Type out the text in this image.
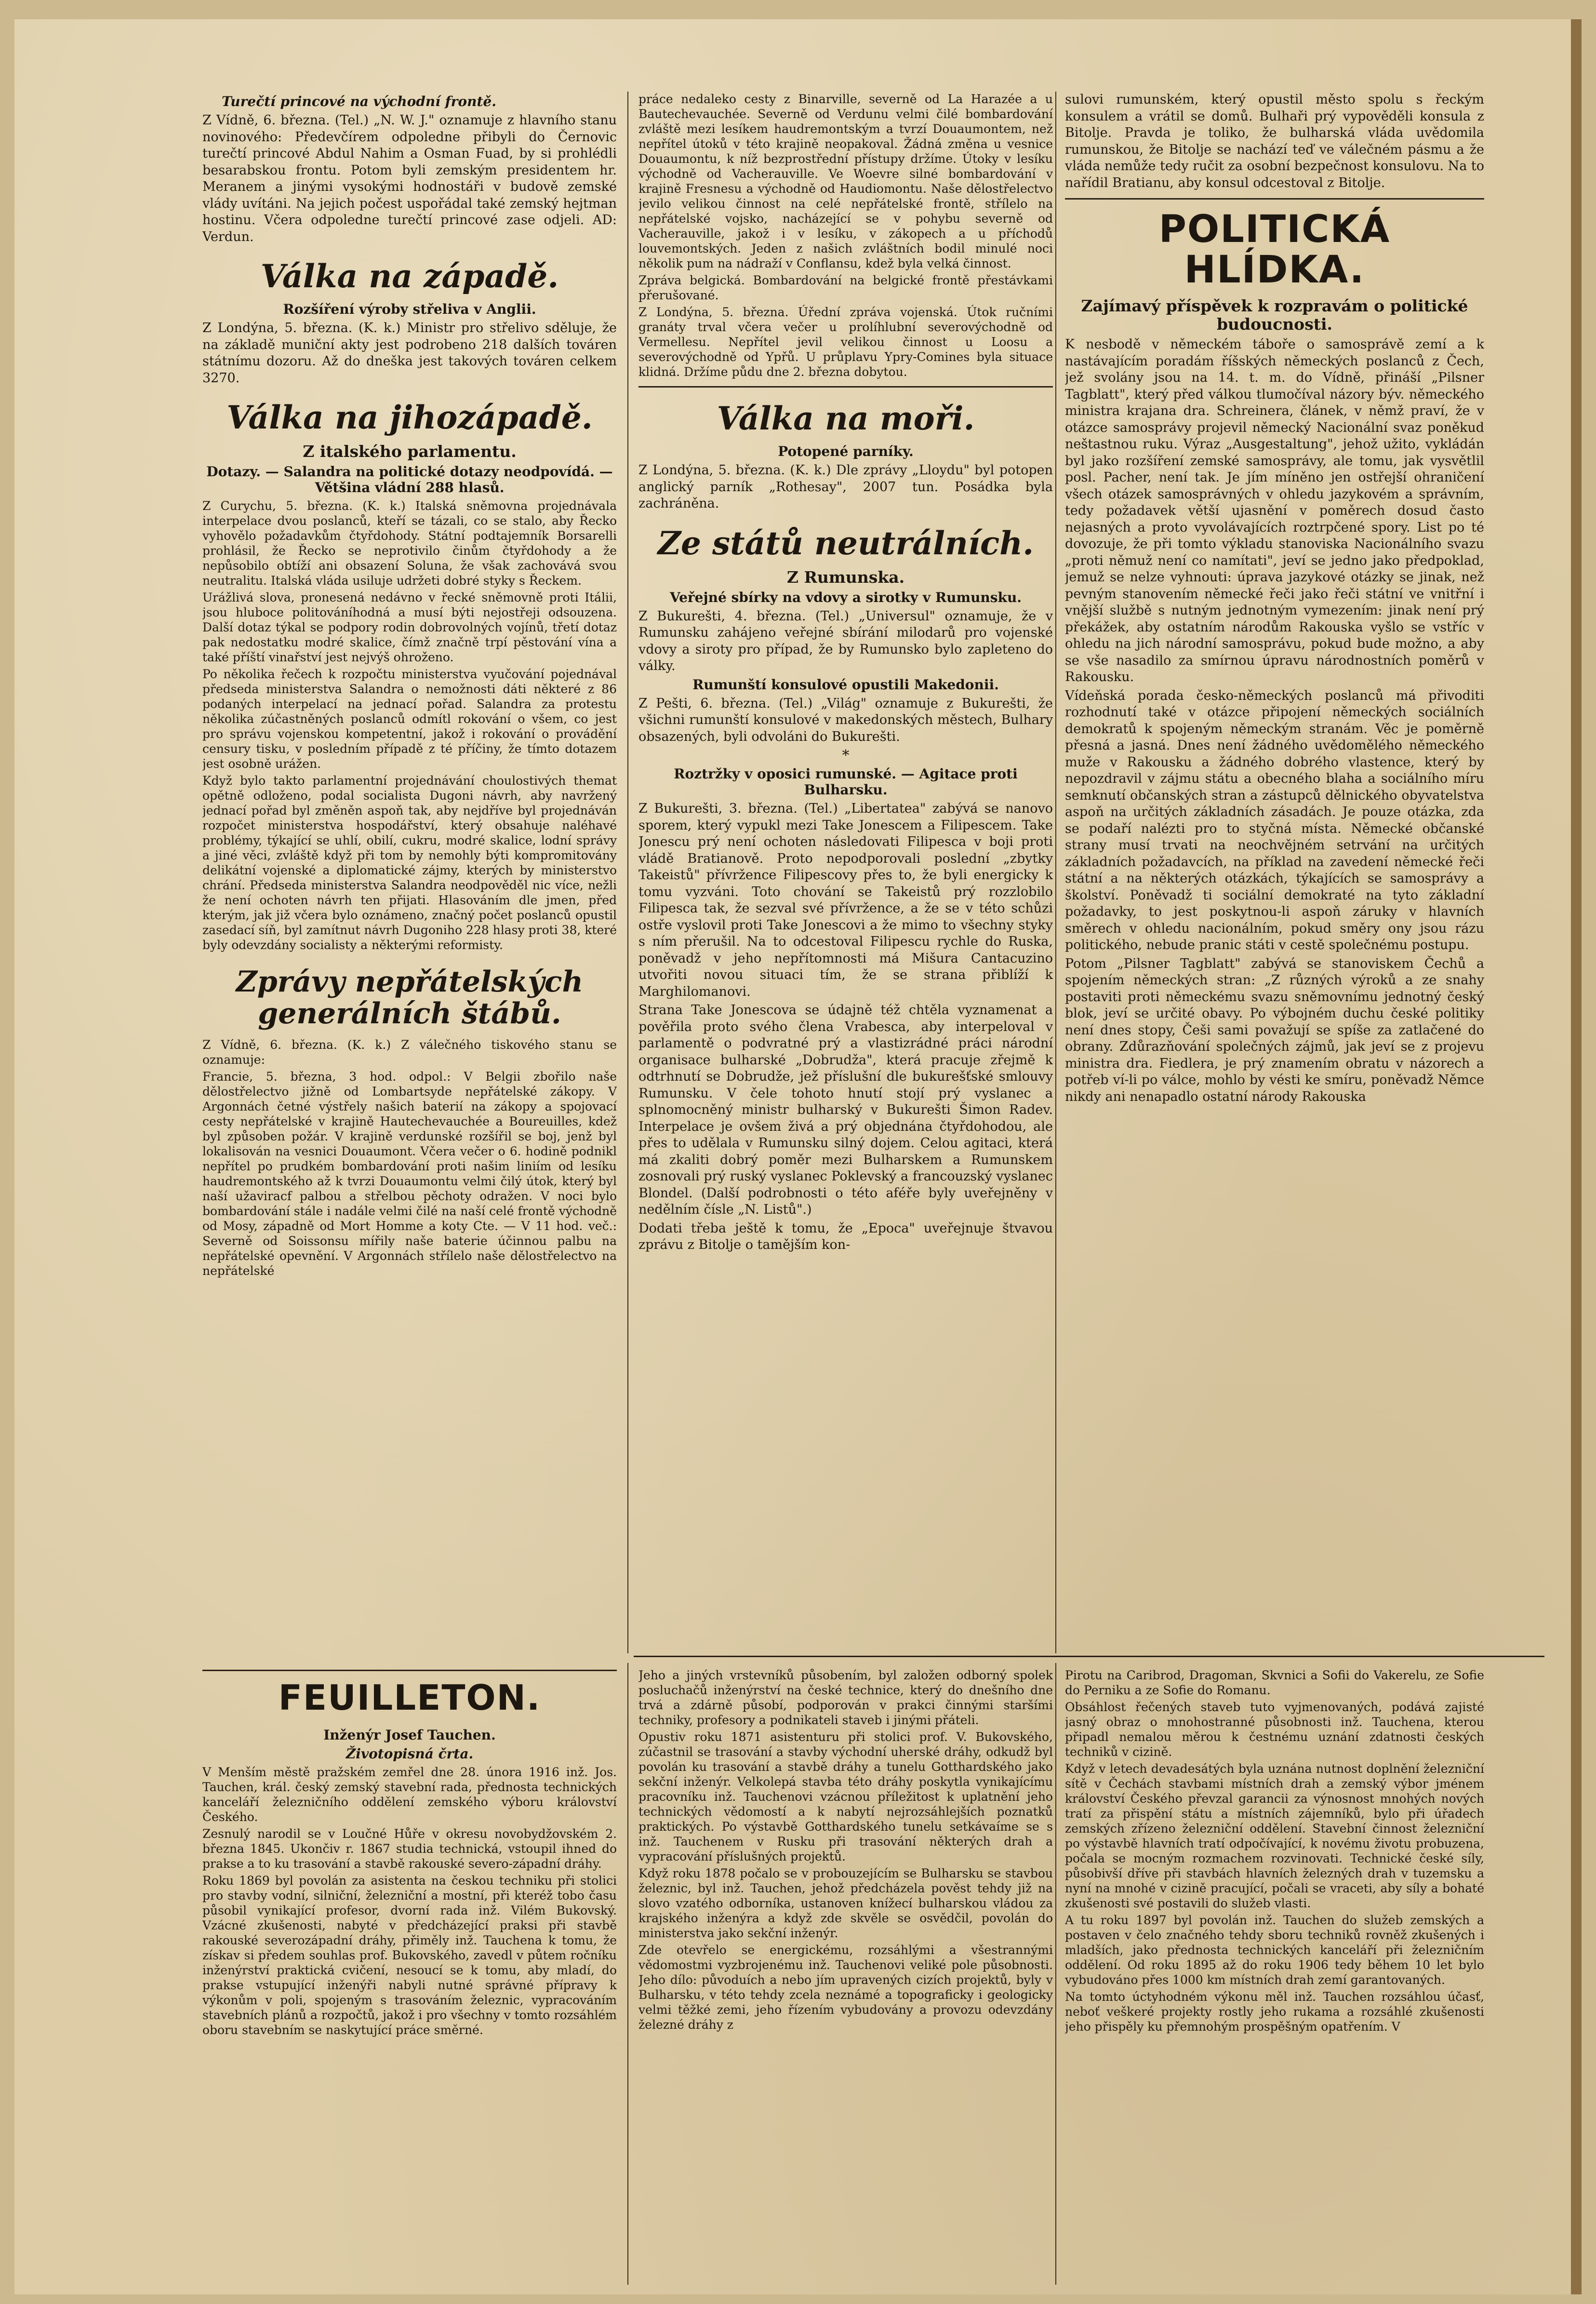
Turečtí princové na východní frontě.

Z Vídně, 6. března. (Tel.) „N. W. J." oznamuje z hlavního stanu novinového: Předevčírem odpoledne přibyli do Černovic turečtí princové Abdul Nahim a Osman Fuad, by si prohlédli besarabskou frontu. Potom byli zemským presidentem hr. Meranem a jinými vysokými hodnostáři v budově zemské vlády uvítáni. Na jejich počest uspořádal také zemský hejtman hostinu. Včera odpoledne turečtí princové zase odjeli. AD: Verdun.

Válka na západě.
Rozšíření výroby střeliva v Anglii.

Z Londýna, 5. března. (K. k.) Ministr pro střelivo sděluje, že na základě muniční akty jest podrobeno 218 dalších továren státnímu dozoru. Až do dneška jest takových továren celkem 3270.

Válka na jihozápadě.
Z italského parlamentu.
Dotazy. — Salandra na politické dotazy neodpovídá. — Většina vládní 288 hlasů.

Z Curychu, 5. března. (K. k.) Italská sněmovna projednávala interpelace dvou poslanců, kteří se tázali, co se stalo, aby Řecko vyhovělo požadavkům čtyřdohody. Státní podtajemník Borsarelli prohlásil, že Řecko se neprotivilo činům čtyřdohody a že nepůsobilo obtíží ani obsazení Soluna, že však zachovává svou neutralitu. Italská vláda usiluje udržeti dobré styky s Řeckem.

Urážlivá slova, pronesená nedávno v řecké sněmovně proti Itálii, jsou hluboce politováníhodná a musí býti nejostřeji odsouzena. Další dotaz týkal se podpory rodin dobrovolných vojínů, třetí dotaz pak nedostatku modré skalice, čímž značně trpí pěstování vína a také příští vinařství jest nejvýš ohroženo.

Po několika řečech k rozpočtu ministerstva vyučování pojednával předseda ministerstva Salandra o nemožnosti dáti některé z 86 podaných interpelací na jednací pořad. Salandra za protestu několika zúčastněných poslanců odmítl rokování o všem, co jest pro správu vojenskou kompetentní, jakož i rokování o provádění censury tisku, v posledním případě z té příčiny, že tímto dotazem jest osobně urážen.

Když bylo takto parlamentní projednávání choulostivých themat opětně odloženo, podal socialista Dugoni návrh, aby navržený jednací pořad byl změněn aspoň tak, aby nejdříve byl projednáván rozpočet ministerstva hospodářství, který obsahuje naléhavé problémy, týkající se uhlí, obilí, cukru, modré skalice, lodní správy a jiné věci, zvláště když při tom by nemohly býti kompromitovány delikátní vojenské a diplomatické zájmy, kterých by ministerstvo chrání. Předseda ministerstva Salandra neodpověděl nic více, nežli že není ochoten návrh ten přijati. Hlasováním dle jmen, před kterým, jak již včera bylo oznámeno, značný počet poslanců opustil zasedací síň, byl zamítnut návrh Dugoniho 228 hlasy proti 38, které byly odevzdány socialisty a některými reformisty.

Zprávy nepřátelských generálních štábů.

Z Vídně, 6. března. (K. k.) Z válečného tiskového stanu se oznamuje:

Francie, 5. března, 3 hod. odpol.: V Belgii zbořilo naše dělostřelectvo jižně od Lombartsyde nepřátelské zákopy. V Argonnách četné výstřely našich baterií na zákopy a spojovací cesty nepřátelské v krajině Hautechevauchée a Boureuilles, kdež byl způsoben požár. V krajině verdunské rozšířil se boj, jenž byl lokalisován na vesnici Douaumont. Včera večer o 6. hodině podnikl nepřítel po prudkém bombardování proti našim liniím od lesíku haudremontského až k tvrzi Douaumontu velmi čilý útok, který byl naší užaviracf palbou a střelbou pěchoty odražen. V noci bylo bombardování stále i nadále velmi čilé na naší celé frontě východně od Mosy, západně od Mort Homme a koty Cte. — V 11 hod. več.: Severně od Soissonsu mířily naše baterie účinnou palbu na nepřátelské opevnění. V Argonnách střílelo naše dělostřelectvo na nepřátelské

práce nedaleko cesty z Binarville, severně od La Harazée a u Bautechevauchée. Severně od Verdunu velmi čilé bombardování zvláště mezi lesíkem haudremontským a tvrzí Douaumontem, než nepřítel útoků v této krajině neopakoval. Žádná změna u vesnice Douaumontu, k níž bezprostřední přístupy držíme. Útoky v lesíku východně od Vacherauville. Ve Woevre silné bombardování v krajině Fresnesu a východně od Haudiomontu. Naše dělostřelectvo jevilo velikou činnost na celé nepřátelské frontě, střílelo na nepřátelské vojsko, nacházející se v pohybu severně od Vacherauville, jakož i v lesíku, v zákopech a u příchodů louvemontských. Jeden z našich zvláštních bodil minulé noci několik pum na nádraží v Conflansu, kdež byla velká činnost.

Zpráva belgická. Bombardování na belgické frontě přestávkami přerušované.

Z Londýna, 5. března. Úřední zpráva vojenská. Útok ručními granáty trval včera večer u prolíhlubní severovýchodně od Vermellesu. Nepřítel jevil velikou činnost u Loosu a severovýchodně od Ypřů. U průplavu Ypry-Comines byla situace klidná. Držíme půdu dne 2. března dobytou.

Válka na moři.
Potopené parníky.

Z Londýna, 5. března. (K. k.) Dle zprávy „Lloydu" byl potopen anglický parník „Rothesay", 2007 tun. Posádka byla zachráněna.

Ze států neutrálních.
Z Rumunska.
Veřejné sbírky na vdovy a sirotky v Rumunsku.

Z Bukurešti, 4. března. (Tel.) „Universul" oznamuje, že v Rumunsku zahájeno veřejné sbírání milodarů pro vojenské vdovy a siroty pro případ, že by Rumunsko bylo zapleteno do války.

Rumunští konsulové opustili Makedonii.

Z Pešti, 6. března. (Tel.) „Világ" oznamuje z Bukurešti, že všichni rumunští konsulové v makedonských městech, Bulhary obsazených, byli odvoláni do Bukurešti.

*
Roztržky v oposici rumunské. — Agitace proti Bulharsku.

Z Bukurešti, 3. března. (Tel.) „Libertatea" zabývá se nanovo sporem, který vypukl mezi Take Jonescem a Filipescem. Take Jonescu prý není ochoten následovati Filipesca v boji proti vládě Bratianově. Proto nepodporovali poslední „zbytky Takeistů" přívržence Filipescovy přes to, že byli energicky k tomu vyzváni. Toto chování se Takeistů prý rozzlobilo Filipesca tak, že sezval své přívržence, a že se v této schůzi ostře vyslovil proti Take Jonescovi a že mimo to všechny styky s ním přerušil. Na to odcestoval Filipescu rychle do Ruska, poněvadž v jeho nepřítomnosti má Mišura Cantacuzino utvořiti novou situaci tím, že se strana přiblíží k Marghilomanovi.

Strana Take Jonescova se údajně též chtěla vyznamenat a pověřila proto svého člena Vrabesca, aby interpeloval v parlamentě o podvratné prý a vlastizrádné práci národní organisace bulharské „Dobrudža", která pracuje zřejmě k odtrhnutí se Dobrudže, jež příslušní dle bukurešťské smlouvy Rumunsku. V čele tohoto hnutí stojí prý vyslanec a splnomocněný ministr bulharský v Bukurešti Šimon Radev. Interpelace je ovšem živá a prý objednána čtyřdohodou, ale přes to udělala v Rumunsku silný dojem. Celou agitaci, která má zkaliti dobrý poměr mezi Bulharskem a Rumunskem zosnovali prý ruský vyslanec Poklevský a francouzský vyslanec Blondel. (Další podrobnosti o této aféře byly uveřejněny v nedělním čísle „N. Listů".)

Dodati třeba ještě k tomu, že „Epoca" uveřejnuje štvavou zprávu z Bitolje o tamějším kon-

sulovi rumunském, který opustil město spolu s řeckým konsulem a vrátil se domů. Bulhaři prý vypověděli konsula z Bitolje. Pravda je toliko, že bulharská vláda uvědomila rumunskou, že Bitolje se nachází teď ve válečném pásmu a že vláda nemůže tedy ručit za osobní bezpečnost konsulovu. Na to nařídil Bratianu, aby konsul odcestoval z Bitolje.

POLITICKÁ HLÍDKA.
Zajímavý příspěvek k rozpravám o politické budoucnosti.

K nesbodě v německém táboře o samosprávě zemí a k nastávajícím poradám říšských německých poslanců z Čech, jež svolány jsou na 14. t. m. do Vídně, přináší „Pilsner Tagblatt", který před válkou tlumočíval názory býv. německého ministra krajana dra. Schreinera, článek, v němž praví, že v otázce samosprávy projevil německý Nacionální svaz poněkud neštastnou ruku. Výraz „Ausgestaltung", jehož užito, vykládán byl jako rozšíření zemské samosprávy, ale tomu, jak vysvětlil posl. Pacher, není tak. Je jím míněno jen ostřejší ohraničení všech otázek samosprávných v ohledu jazykovém a správním, tedy požadavek větší ujasnění v poměrech dosud často nejasných a proto vyvolávajících roztrpčené spory. List po té dovozuje, že při tomto výkladu stanoviska Nacionálního svazu „proti němuž není co namítati", jeví se jedno jako předpoklad, jemuž se nelze vyhnouti: úprava jazykové otázky se jinak, než pevným stanovením německé řeči jako řeči státní ve vnitřní i vnější službě s nutným jednotným vymezením: jinak není prý překážek, aby ostatním národům Rakouska vyšlo se vstříc v ohledu na jich národní samosprávu, pokud bude možno, a aby se vše nasadilo za smírnou úpravu národnostních poměrů v Rakousku.

Vídeňská porada česko-německých poslanců má přivoditi rozhodnutí také v otázce připojení německých sociálních demokratů k spojeným německým stranám. Věc je poměrně přesná a jasná. Dnes není žádného uvědomělého německého muže v Rakousku a žádného dobrého vlastence, který by nepozdravil v zájmu státu a obecného blaha a sociálního míru semknutí občanských stran a zástupců dělnického obyvatelstva aspoň na určitých základních zásadách. Je pouze otázka, zda se podaří nalézti pro to styčná místa. Německé občanské strany musí trvati na neochvějném setrvání na určitých základních požadavcích, na příklad na zavedení německé řeči státní a na některých otázkách, týkajících se samosprávy a školství. Poněvadž ti sociální demokraté na tyto základní požadavky, to jest poskytnou-li aspoň záruky v hlavních směrech v ohledu nacionálním, pokud směry ony jsou rázu politického, nebude pranic státi v cestě společnému postupu.

Potom „Pilsner Tagblatt" zabývá se stanoviskem Čechů a spojením německých stran: „Z různých výroků a ze snahy postaviti proti německému svazu sněmovnímu jednotný český blok, jeví se určité obavy. Po výbojném duchu české politiky není dnes stopy, Češi sami považují se spíše za zatlačené do obrany. Zdůrazňování společných zájmů, jak jeví se z projevu ministra dra. Fiedlera, je prý znamením obratu v názorech a potřeb ví-li po válce, mohlo by vésti ke smíru, poněvadž Němce nikdy ani nenapadlo ostatní národy Rakouska

FEUILLETON.
Inženýr Josef Tauchen.
Životopisná črta.

V Menším městě pražském zemřel dne 28. února 1916 inž. Jos. Tauchen, král. český zemský stavební rada, přednosta technických kanceláří železničního oddělení zemského výboru království Českého.

Zesnulý narodil se v Loučné Hůře v okresu novobydžovském 2. března 1845. Ukončiv r. 1867 studia technická, vstoupil ihned do prakse a to ku trasování a stavbě rakouské severo-západní dráhy.

Roku 1869 byl povolán za asistenta na českou techniku při stolici pro stavby vodní, silniční, železniční a mostní, při kteréž tobo času působil vynikající profesor, dvorní rada inž. Vilém Bukovský. Vzácné zkušenosti, nabyté v předcházející praksi při stavbě rakouské severozápadní dráhy, přiměly inž. Tauchena k tomu, že získav si předem souhlas prof. Bukovského, zavedl v půtem ročníku inženýrství praktická cvičení, nesoucí se k tomu, aby mladí, do prakse vstupující inženýři nabyli nutné správné přípravy k výkonům v poli, spojeným s trasováním železnic, vypracováním stavebních plánů a rozpočtů, jakož i pro všechny v tomto rozsáhlém oboru stavebním se naskytující práce směrné.

Jeho a jiných vrstevníků působením, byl založen odborný spolek posluchačů inženýrství na české technice, který do dnešního dne trvá a zdárně působí, podporován v prakci činnými staršími techniky, profesory a podnikateli staveb i jinými přáteli.

Opustiv roku 1871 asistenturu při stolici prof. V. Bukovského, zúčastnil se trasování a stavby východní uherské dráhy, odkudž byl povolán ku trasování a stavbě dráhy a tunelu Gotthardského jako sekční inženýr. Velkolepá stavba této dráhy poskytla vynikajícímu pracovníku inž. Tauchenovi vzácnou příležitost k uplatnění jeho technických vědomostí a k nabytí nejrozsáhlejších poznatků praktických. Po výstavbě Gotthardského tunelu setkávaíme se s inž. Tauchenem v Rusku při trasování některých drah a vypracování příslušných projektů.

Když roku 1878 počalo se v probouzejícím se Bulharsku se stavbou železnic, byl inž. Tauchen, jehož předcházela pověst tehdy již na slovo vzatého odborníka, ustanoven knížecí bulharskou vládou za krajského inženýra a když zde skvěle se osvědčil, povolán do ministerstva jako sekční inženýr.

Zde otevřelo se energickému, rozsáhlými a všestrannými vědomostmi vyzbrojenému inž. Tauchenovi veliké pole působnosti. Jeho dílo: původuích a nebo jím upravených cizích projektů, byly v Bulharsku, v této tehdy zcela neznámé a topograficky i geologicky velmi těžké zemi, jeho řízením vybudovány a provozu odevzdány železné dráhy z

Pirotu na Caribrod, Dragoman, Skvnici a Sofii do Vakerelu, ze Sofie do Perniku a ze Sofie do Romanu.

Obsáhlost řečených staveb tuto vyjmenovaných, podává zajisté jasný obraz o mnohostranné působnosti inž. Tauchena, kterou připadl nemalou měrou k čestnému uznání zdatnosti českých techniků v cizině.

Když v letech devadesátých byla uznána nutnost doplnění železniční sítě v Čechách stavbami místních drah a zemský výbor jménem království Českého převzal garancii za výnosnost mnohých nových tratí za přispění státu a místních zájemníků, bylo při úřadech zemských zřízeno železniční oddělení. Stavební činnost železniční po výstavbě hlavních tratí odpočívající, k novému životu probuzena, počala se mocným rozmachem rozvinovati. Technické české síly, působivší dříve při stavbách hlavních železných drah v tuzemsku a nyní na mnohé v cizině pracující, počali se vraceti, aby síly a bohaté zkušenosti své postavili do služeb vlasti.

A tu roku 1897 byl povolán inž. Tauchen do služeb zemských a postaven v čelo značného tehdy sboru techniků rovněž zkušených i mladších, jako přednosta technických kanceláří při železničním oddělení. Od roku 1895 až do roku 1906 tedy během 10 let bylo vybudováno přes 1000 km místních drah zemí garantovaných.

Na tomto úctyhodném výkonu měl inž. Tauchen rozsáhlou účasť, neboť veškeré projekty rostly jeho rukama a rozsáhlé zkušenosti jeho přispěly ku přemnohým prospěšným opatřením. V
